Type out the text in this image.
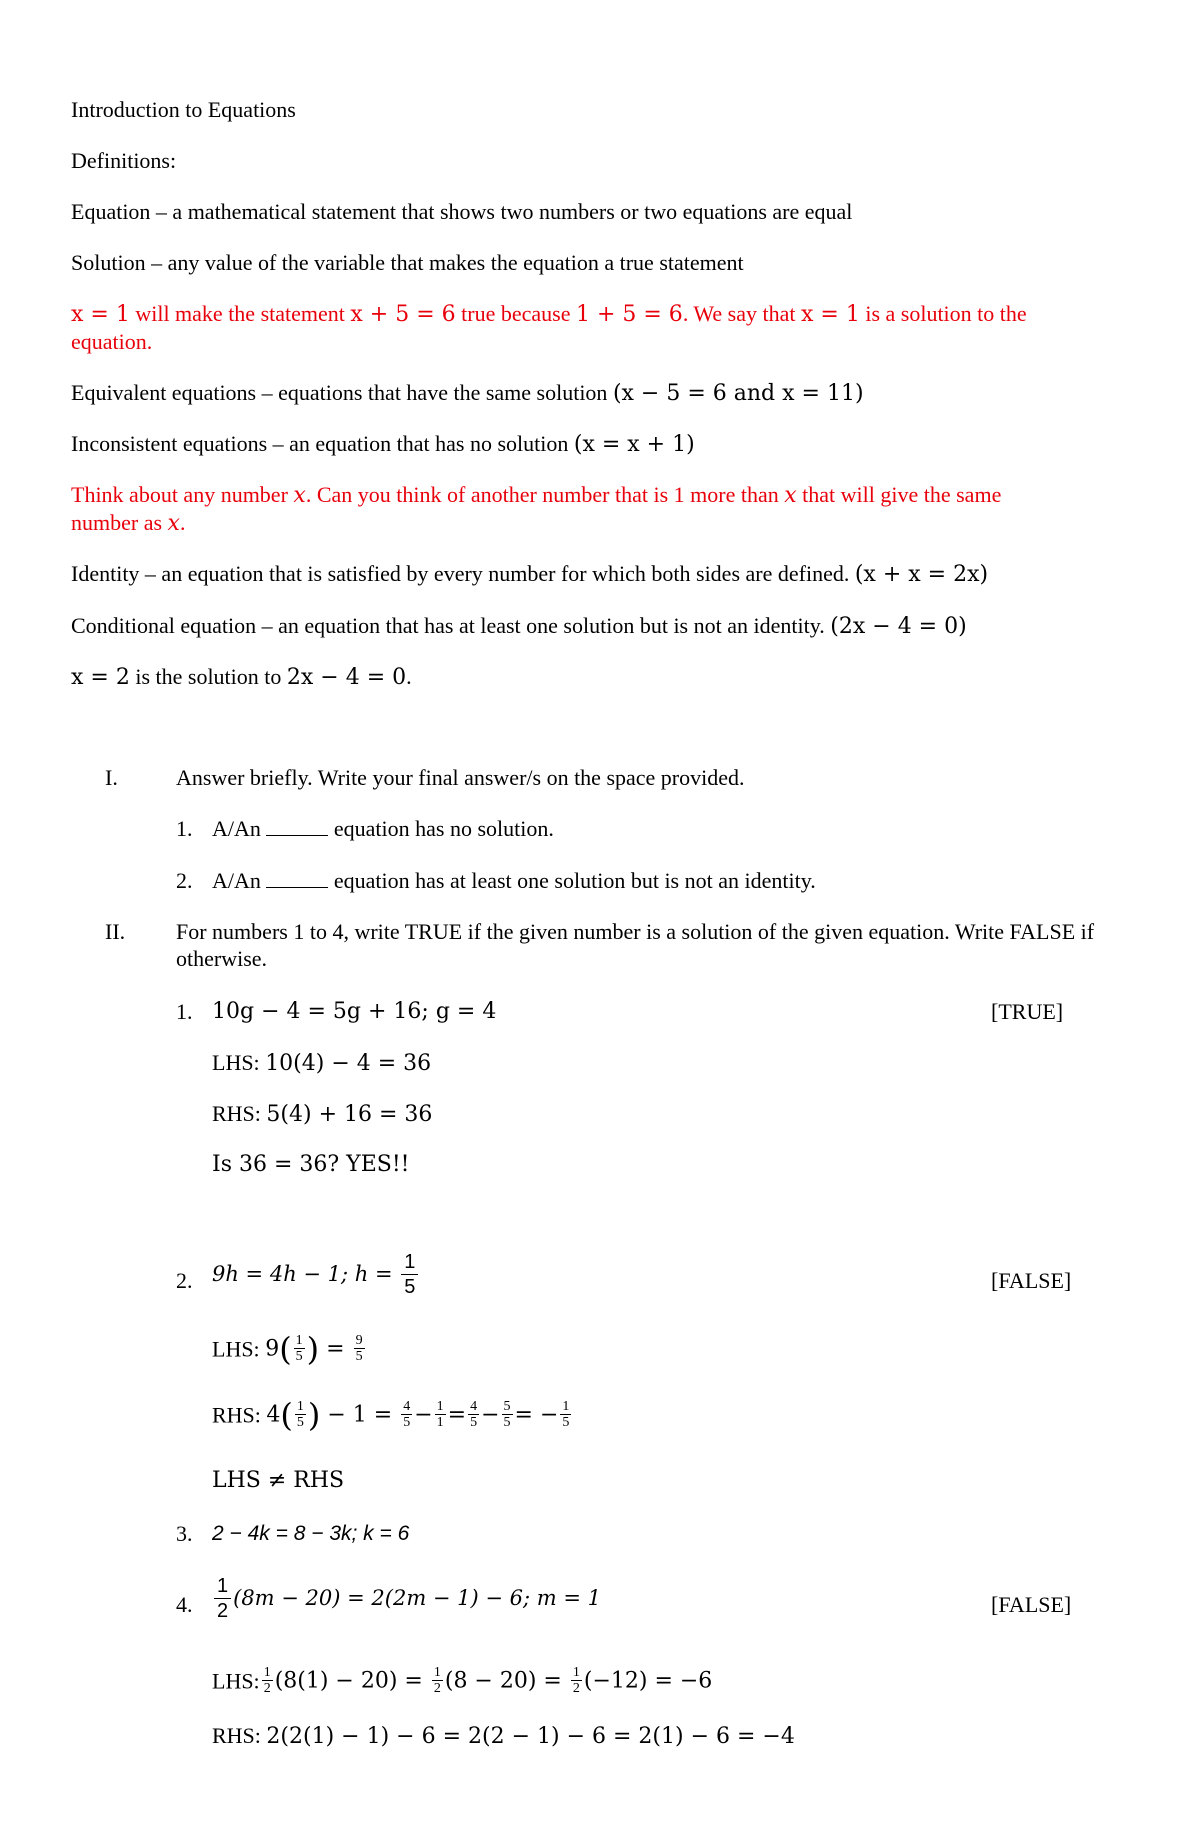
Introduction to Equations

Definitions:

Equation – a mathematical statement that shows two numbers or two equations are equal

Solution – any value of the variable that makes the equation a true statement

x = 1 will make the statement x + 5 = 6 true because 1 + 5 = 6. We say that x = 1 is a solution to the

equation.

Equivalent equations – equations that have the same solution (x − 5 = 6 and x = 11)

Inconsistent equations – an equation that has no solution (x = x + 1)

Think about any number x. Can you think of another number that is 1 more than x that will give the same

number as x.

Identity – an equation that is satisfied by every number for which both sides are defined. (x + x = 2x)

Conditional equation – an equation that has at least one solution but is not an identity. (2x − 4 = 0)

x = 2 is the solution to 2x − 4 = 0.

I.	Answer briefly. Write your final answer/s on the space provided.
1. A/An	equation has no solution.
2. A/An	equation has at least one solution but is not an identity.
II. For numbers 1 to 4, write TRUE if the given number is a solution of the given equation. Write FALSE if otherwise.
1. 10g − 4 = 5g + 16; g = 4	[TRUE]
LHS: 10(4) − 4 = 36
RHS: 5(4) + 16 = 36
Is 36 = 36? YES!!
2. 9h = 4h − 1; $h = \frac{1}{5}$	[FALSE]
LHS: $9( \frac{1}{5}$ ) = $\frac{9}{5}$
RHS: $4( \frac{1}{5}$ ) − $1 = \frac{4}{5} - \frac{1}{1} = \frac{4}{5} - \frac{5}{5}$ = − $\frac{1}{5}$
LHS ≠ RHS
3. 2 − 4k = 8 − 3k; k = 6
4. $\frac{1}{2} (8m - 20) = 2(2m - 1) - 6$; m = 1	[FALSE]
LHS: $\frac{1}{2} (8(1) - 20) = \frac{1}{2} (8 - 20) = \frac{1}{2} (-12) = -6$
RHS: 2(2(1) − 1) − 6 = 2(2 − 1) − 6 = 2(1) − 6 = −4
